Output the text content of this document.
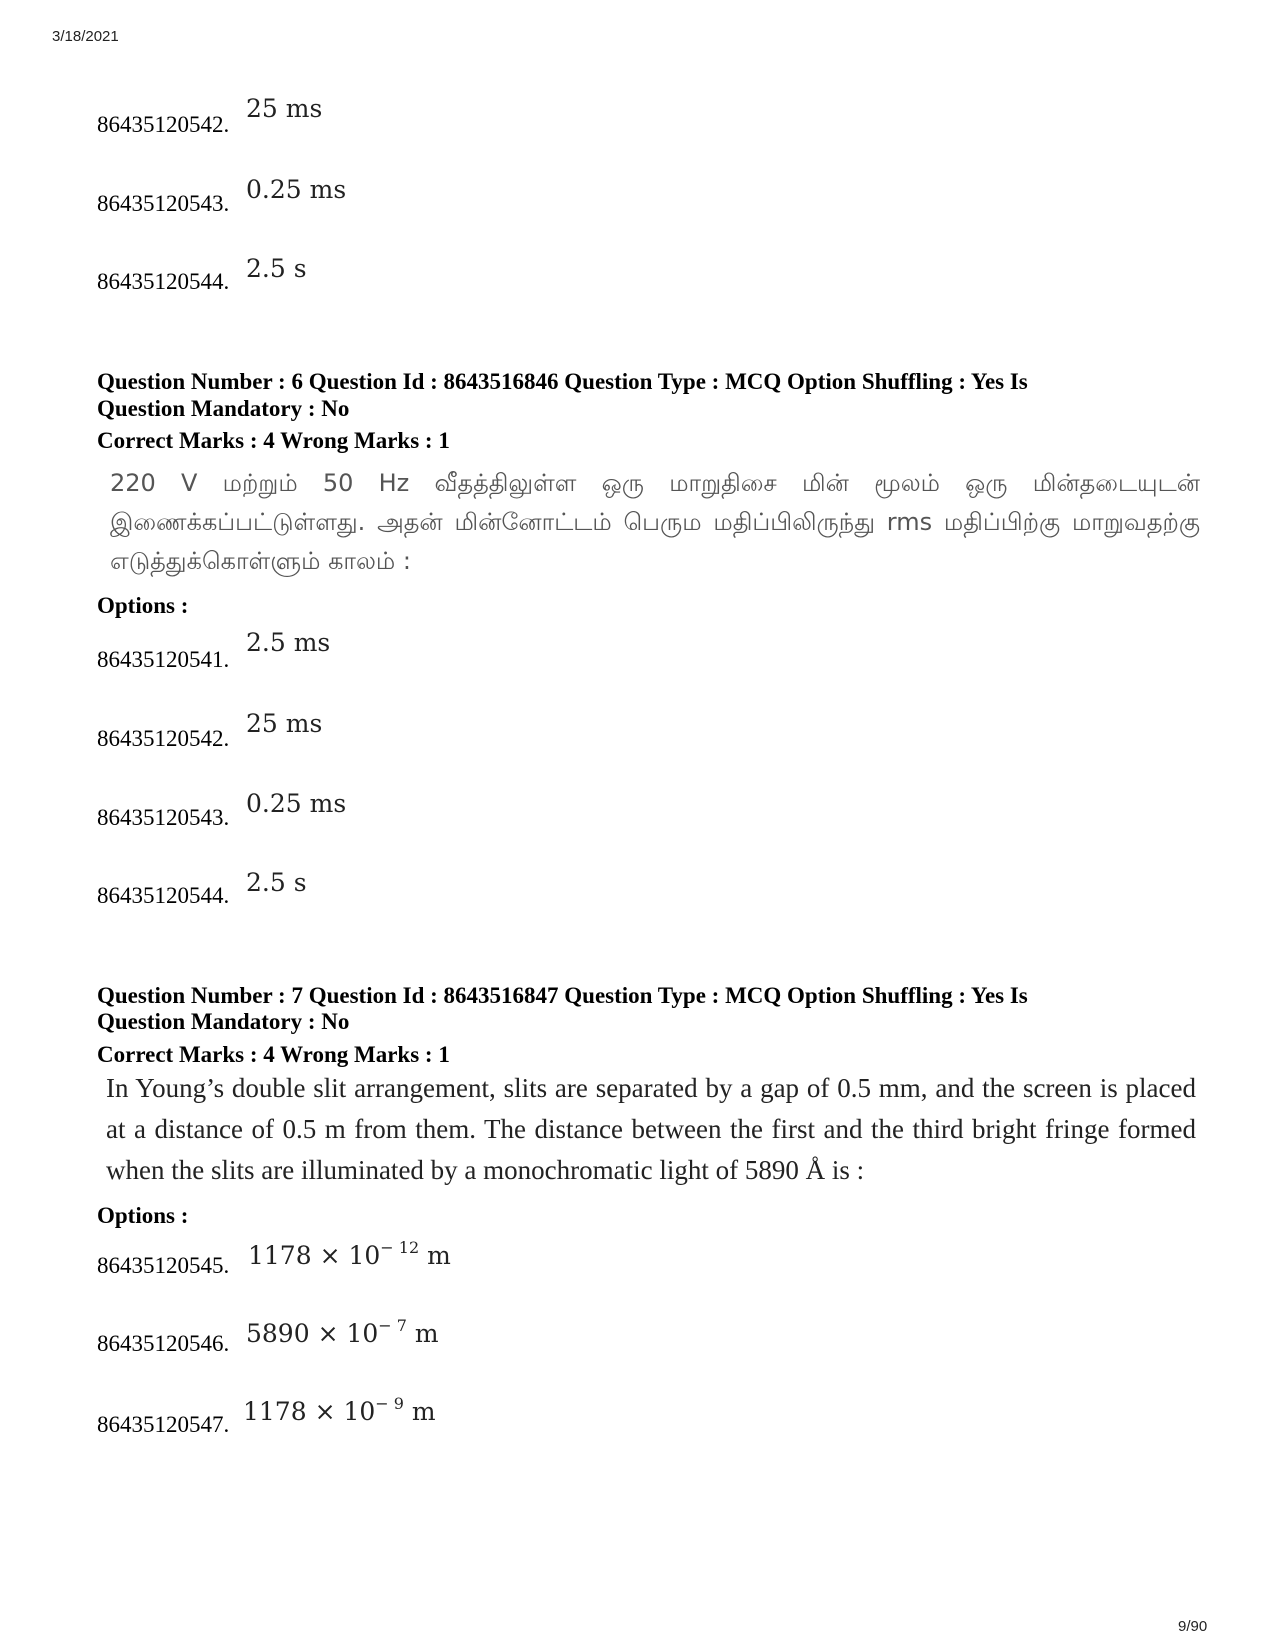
3/18/2021
86435120542.
25 ms
86435120543. 0.25 ms
86435120544. 2.5 s
Question Number : 6 Question Id : 8643516846 Question Type : MCQ Option Shuffling : Yes Is
Question Mandatory : No
Correct Marks : 4 Wrong Marks : 1
220 V மற்றும் 50 Hz வீதத்திலுள்ள ஒரு மாறுதிசை மின் மூலம் ஒரு மின்தடையுடன் இணைக்கப்பட்டுள்ளது. அதன் மின்னோட்டம் பெரும மதிப்பிலிருந்து rms மதிப்பிற்கு மாறுவதற்கு எடுத்துக்கொள்ளும் காலம் :
Options :
86435120541.
2.5 ms
86435120542.
25 ms
86435120543. 0.25 ms
86435120544. 2.5 s
Question Number : 7 Question Id : 8643516847 Question Type : MCQ Option Shuffling : Yes Is
Question Mandatory : No
Correct Marks : 4 Wrong Marks : 1
In Young’s double slit arrangement, slits are separated by a gap of 0.5 mm, and the screen is placed at a distance of 0.5 m from them. The distance between the first and the third bright fringe formed when the slits are illuminated by a monochromatic light of 5890 Å is :
Options :
86435120545. $1178 \times 10^{- 12}$ m
86435120546. $5890 \times 10^{- 7}$ m
86435120547. $1178 \times 10^{- 9}$ m
9/90
